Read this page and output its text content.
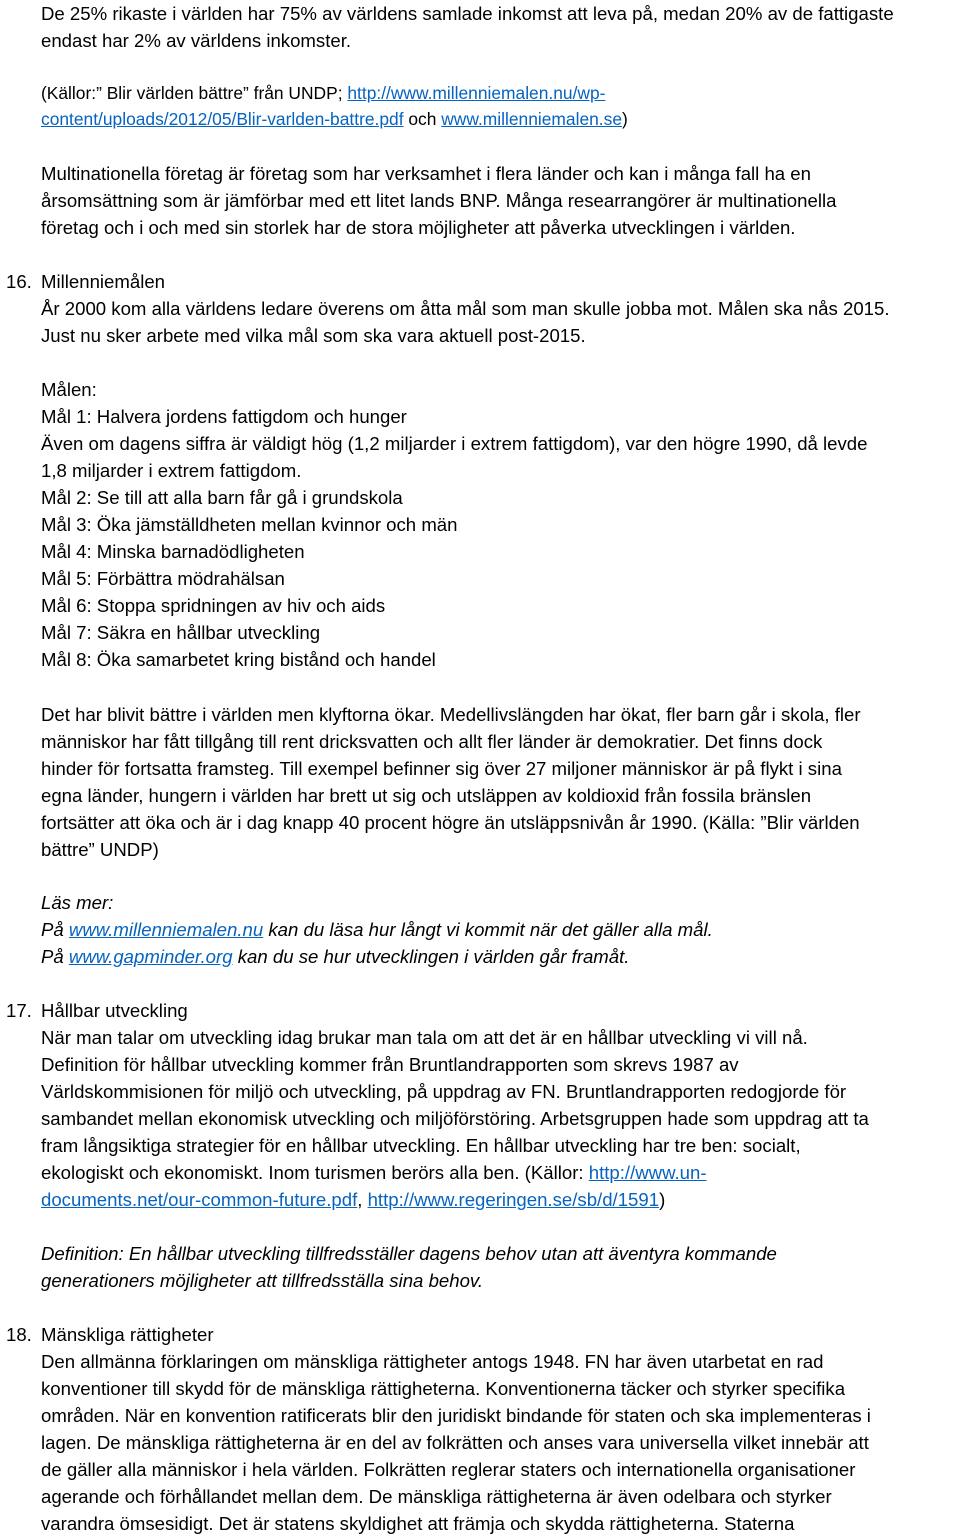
De 25% rikaste i världen har 75% av världens samlade inkomst att leva på, medan 20% av de fattigaste
endast har 2% av världens inkomster.
(Källor:” Blir världen bättre” från UNDP; http://www.millenniemalen.nu/wp-
content/uploads/2012/05/Blir-varlden-battre.pdf och www.millenniemalen.se)
Multinationella företag är företag som har verksamhet i flera länder och kan i många fall ha en
årsomsättning som är jämförbar med ett litet lands BNP. Många researrangörer är multinationella
företag och i och med sin storlek har de stora möjligheter att påverka utvecklingen i världen.
16. Millenniemålen
År 2000 kom alla världens ledare överens om åtta mål som man skulle jobba mot. Målen ska nås 2015.
Just nu sker arbete med vilka mål som ska vara aktuell post-2015.
Målen:
Mål 1: Halvera jordens fattigdom och hunger
Även om dagens siffra är väldigt hög (1,2 miljarder i extrem fattigdom), var den högre 1990, då levde
1,8 miljarder i extrem fattigdom.
Mål 2: Se till att alla barn får gå i grundskola
Mål 3: Öka jämställdheten mellan kvinnor och män
Mål 4: Minska barnadödligheten
Mål 5: Förbättra mödrahälsan
Mål 6: Stoppa spridningen av hiv och aids
Mål 7: Säkra en hållbar utveckling
Mål 8: Öka samarbetet kring bistånd och handel
Det har blivit bättre i världen men klyftorna ökar. Medellivslängden har ökat, fler barn går i skola, fler
människor har fått tillgång till rent dricksvatten och allt fler länder är demokratier. Det finns dock
hinder för fortsatta framsteg. Till exempel befinner sig över 27 miljoner människor är på flykt i sina
egna länder, hungern i världen har brett ut sig och utsläppen av koldioxid från fossila bränslen
fortsätter att öka och är i dag knapp 40 procent högre än utsläppsnivån år 1990. (Källa: ”Blir världen
bättre” UNDP)
Läs mer:
På www.millenniemalen.nu kan du läsa hur långt vi kommit när det gäller alla mål.
På www.gapminder.org kan du se hur utvecklingen i världen går framåt.
17. Hållbar utveckling
När man talar om utveckling idag brukar man tala om att det är en hållbar utveckling vi vill nå.
Definition för hållbar utveckling kommer från Bruntlandrapporten som skrevs 1987 av
Världskommisionen för miljö och utveckling, på uppdrag av FN. Bruntlandrapporten redogjorde för
sambandet mellan ekonomisk utveckling och miljöförstöring. Arbetsgruppen hade som uppdrag att ta
fram långsiktiga strategier för en hållbar utveckling. En hållbar utveckling har tre ben: socialt,
ekologiskt och ekonomiskt. Inom turismen berörs alla ben. (Källor: http://www.un-
documents.net/our-common-future.pdf, http://www.regeringen.se/sb/d/1591)
Definition: En hållbar utveckling tillfredsställer dagens behov utan att äventyra kommande
generationers möjligheter att tillfredsställa sina behov.
18. Mänskliga rättigheter
Den allmänna förklaringen om mänskliga rättigheter antogs 1948. FN har även utarbetat en rad
konventioner till skydd för de mänskliga rättigheterna. Konventionerna täcker och styrker specifika
områden. När en konvention ratificerats blir den juridiskt bindande för staten och ska implementeras i
lagen. De mänskliga rättigheterna är en del av folkrätten och anses vara universella vilket innebär att
de gäller alla människor i hela världen. Folkrätten reglerar staters och internationella organisationer
agerande och förhållandet mellan dem. De mänskliga rättigheterna är även odelbara och styrker
varandra ömsesidigt. Det är statens skyldighet att främja och skydda rättigheterna. Staterna
